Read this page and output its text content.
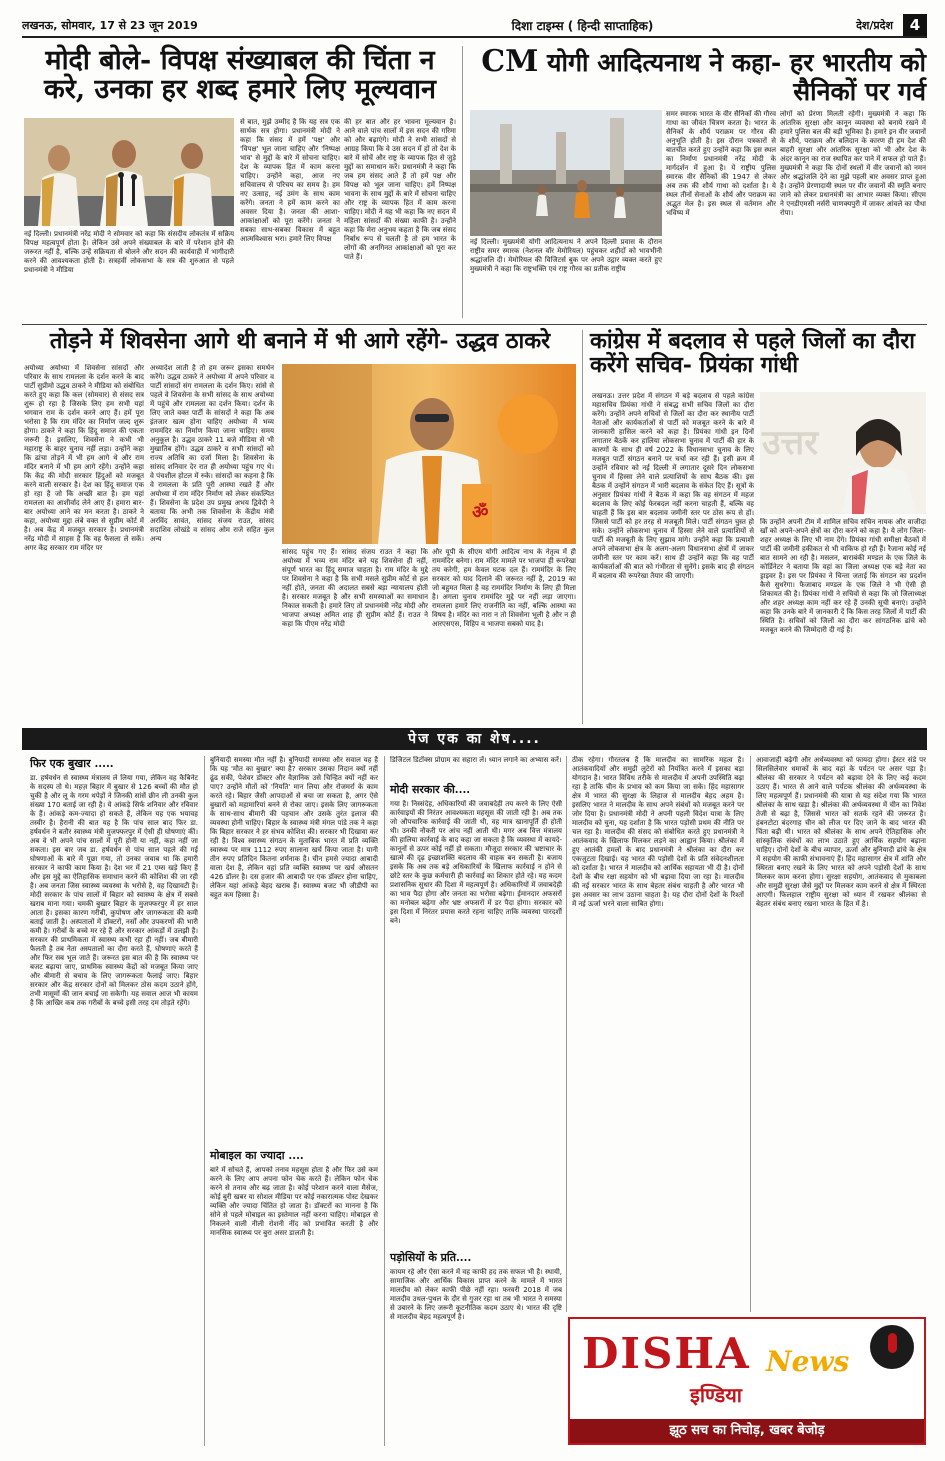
लखनऊ, सोमवार, 17 से 23 जून 2019	दिशा टाइम्स ( हिन्दी साप्ताहिक)	देश/प्रदेश	4
मोदी बोले- विपक्ष संख्याबल की चिंता न करे, उनका हर शब्द हमारे लिए मूल्यवान
नई दिल्ली। प्रधानमंत्री नरेंद्र मोदी ने सोमवार को कहा कि संसदीय लोकतंत्र में सक्रिय विपक्ष महत्वपूर्ण होता है। लेकिन उसे अपने संख्याबल के बारे में परेशान होने की जरूरत नहीं है, बल्कि उन्हें सक्रियता से बोलने और सदन की कार्यवाही में भागीदारी करने की आवश्यकता होती है। सत्रहवीं लोकसभा के सत्र की शुरुआत से पहले प्रधानमंत्री ने मीडिया
से बात, मुझे उम्मीद है कि यह सत्र एक सार्थक सत्र होगा। प्रधानमंत्री मोदी ने कहा कि संसद में हमें 'पक्ष' और 'विपक्ष' भूल जाना चाहिए और 'निष्पक्ष भाव' से मुद्दों के बारे में सोचना चाहिए। देश के व्यापक हित में काम करना चाहिए। उन्होंने कहा, आज नए सचिवालय से परिचय का समय है। हम नए उत्साह, नई उमंग के साथ काम करेंगे। जनता ने हमें काम करने का अवसर दिया है। जनता की आशा-आकांक्षाओं को पूरा करेंगे। जनता ने सबका साथ-सबका विकास में बहुत आत्मविश्वास भरा। हमारे लिए विपक्ष
की हर बात और हर भावना मूल्यवान है। आने वाले पांच सालों में इस सदन की गरिमा को और बढ़ाएंगे। मोदी ने सभी सांसदों से आग्रह किया कि वे उस सदन में हों तो देश के बारे में सोचें और राष्ट्र के व्यापक हित से जुड़े मुद्दों का समाधान करें। प्रधानमंत्री ने कहा कि जब हम संसद आते हैं तो हमें पक्ष और विपक्ष को भूल जाना चाहिए। हमें निष्पक्ष भावना के साथ मुद्दों के बारे में सोचना चाहिए और राष्ट्र के व्यापक हित में काम करना चाहिए। मोदी ने यह भी कहा कि नए सदन में महिला सांसदों की संख्या काफी है। उन्होंने कहा कि मेरा अनुभव कहता है कि जब संसद निर्बाध रूप से चलती है तो हम भारत के लोगों की अनगिनत आकांक्षाओं को पूरा कर पाते हैं।
CM योगी आदित्यनाथ ने कहा- हर भारतीय को सैनिकों पर गर्व
नई दिल्ली। मुख्यमंत्री योगी आदित्यनाथ ने अपने दिल्ली प्रवास के दौरान राष्ट्रीय समर स्मारक (नेशनल वॉर मेमोरियल) पहुंचकर शहीदों को भावभीनी श्रद्धांजलि दी। मेमोरियल की विजिटर्स बुक पर अपने उद्गार व्यक्त करते हुए मुख्यमंत्री ने कहा कि राष्ट्रभक्ति एवं राष्ट्र गौरव का प्रतीक राष्ट्रीय
समर स्मारक भारत के वीर सैनिकों की गौरव गाथा का जीवंत चित्रण करता है। भारत के सैनिकों के शौर्य पराक्रम पर गौरव की अनुभूति होती है। इस दौरान पत्रकारों से बातचीत करते हुए उन्होंने कहा कि इस स्थल का निर्माण प्रधानमंत्री नरेंद्र मोदी के मार्गदर्शन में हुआ है। ये राष्ट्रीय पुलिस स्मारक वीर सैनिकों की 1947 से लेकर अब तक की शौर्य गाथा को दर्शाता है। ये स्थल तीनों सेनाओं के शौर्य और पराक्रम का अद्भुत मेल है। इस स्थल से वर्तमान और भविष्य में
लोगों को प्रेरणा मिलती रहेगी। मुख्यमंत्री ने कहा कि आंतरिक सुरक्षा और कानून व्यवस्था को बनाये रखने में हमारे पुलिस बल की बड़ी भूमिका है। हमारे इन वीर जवानों के शौर्य, पराक्रम और बलिदान के कारण ही हम देश की बाहरी सुरक्षा और आंतरिक सुरक्षा को भी और देश के अंदर कानून का राज स्थापित कर पाने में सफल हो पाते हैं। मुख्यमंत्री ने कहा कि दोनों स्थलों में वीर जवानों को नमन और श्रद्धांजलि देने का मुझे पहली बार अवसर प्राप्त हुआ है। उन्होंने प्रेरणादायी स्थल पर वीर जवानों की स्मृति बनाए जाने को लेकर प्रधानमंत्री का आभार व्यक्त किया। सीएम ने एनडीएमसी नर्सरी चाणक्यपुरी में जाकर आंवले का पौधा रोपा।
तोड़ने में शिवसेना आगे थी बनाने में भी आगे रहेंगे- उद्धव ठाकरे
अयोध्या अयोध्या में शिवसेना सांसदों और परिवार के साथ रामलला के दर्शन करने के बाद पार्टी सुप्रीमो उद्धव ठाकरे ने मीडिया को संबोधित करते हुए कहा कि कल (सोमवार) से संसद सत्र शुरू हो रहा है जिसके लिए हम सभी यहां भगवान राम के दर्शन करने आए हैं। हमें पूरा भरोसा है कि राम मंदिर का निर्माण जल्द शुरू होगा। ठाकरे ने कहा कि हिंदू समाज की एकता जरूरी है। इसलिए, शिवसेना ने कभी भी महाराष्ट्र के बाहर चुनाव नहीं लड़ा। उन्होंने कहा कि ढांचा तोड़ने में भी हम आगे थे और राम मंदिर बनाने में भी हम आगे रहेंगे। उन्होंने कहा कि केंद्र की मोदी सरकार हिंदुओं को मजबूत करने वाली सरकार है। देश का हिंदू समाज एक हो रहा है जो कि अच्छी बात है। हम यहां रामलला का आशीर्वाद लेने आए हैं। हमारा बार-बार अयोध्या आने का मन करता है। ठाकरे ने कहा, अयोध्या मुद्दा लंबे वक्त से सुप्रीम कोर्ट में है। अब केंद्र में मजबूत सरकार है। प्रधानमंत्री नरेंद्र मोदी में साहस है कि वह फैसला ले सकें। अगर केंद्र सरकार राम मंदिर पर
अध्यादेश लाती है तो हम जरूर इसका समर्थन करेंगे। उद्धव ठाकरे ने अयोध्या में अपने परिवार व पार्टी सांसदों संग रामलला के दर्शन किए। सांसे से पहले वे शिवसेना के सभी सांसद के साथ अयोध्या में पहुंचे और रामलला का दर्शन किया। दर्शन के लिए जाते वक्त पार्टी के सांसदों ने कहा कि अब इंतजार खत्म होना चाहिए अयोध्या में भव्य राममंदिर का निर्माण किया जाना चाहिए। समय अनुकूल है। उद्धव ठाकरे 11 बजे मीडिया से भी मुखातिब होंगे। उद्धव ठाकरे व सभी सांसदों को राज्य अतिथि का दर्जा मिला है। शिवसेना के सांसद शनिवार देर रात ही अयोध्या पहुंच गए थे। वे पंचशील होटल में रुके। सांसदों का कहना है कि वे रामलला के प्रति पूरी आस्था रखते हैं और अयोध्या में राम मंदिर निर्माण को लेकर संकल्पित हैं। शिवसेना के प्रदेश उप प्रमुख अभय द्विवेदी ने बताया कि अभी तक शिवसेना के केंद्रीय मंत्री अरविंद सावंत, सांसद संजय राउत, सांसद सदाशिव लोखंडे व सांसद ओम राजे सहित कुल अन्य
ॐ
सांसद पहुंच गए हैं। सांसद संजय राउत ने कहा कि अयोध्या में भव्य राम मंदिर बने यह शिवसेना ही नहीं, संपूर्ण भारत का हिंदू समाज चाहता है। राम मंदिर के मुद्दे पर शिवसेना ने कहा है कि सभी मसले सुप्रीम कोर्ट से हल नहीं होते, जनता की अदालत सबसे बड़ा न्यायालय होती है। सरकार मजबूत है और सभी समस्याओं का समाधान निकाल सकती है। हमारे लिए तो प्रधानमंत्री नरेंद्र मोदी और भाजपा अध्यक्ष अमित शाह ही सुप्रीम कोर्ट हैं। राउत ने कहा कि पीएम नरेंद्र मोदी
और यूपी के सीएम योगी आदित्य नाथ के नेतृत्व में ही राममंदिर बनेगा। राम मंदिर मामले पर भाजपा ही रूपरेखा तय करेगी, हम केवल घटक दल हैं। राममंदिर के लिए सरकार को याद दिलाने की जरूरत नहीं है, 2019 का जो बहुमत मिला है वह राममंदिर निर्माण के लिए ही मिला है। अगला चुनाव राममंदिर मुद्दे पर नहीं लड़ा जाएगा। रामलला हमारे लिए राजनीति का नहीं, बल्कि आस्था का विषय है। मंदिर का नारा न तो शिवसेना भूली है और न ही आरएसएस, विहिप व भाजपा सबको याद है।
कांग्रेस में बदलाव से पहले जिलों का दौरा करेंगे सचिव- प्रियंका गांधी
लखनऊ। उत्तर प्रदेश में संगठन में बड़े बदलाव से पहले कांग्रेस महासचिव प्रियंका गांधी ने संबद्ध सभी सचिव जिलों का दौरा करेंगे। उन्होंने अपने सचिवों से जिलों का दौरा कर स्थानीय पार्टी नेताओं और कार्यकर्ताओं से पार्टी को मजबूत करने के बारे में जानकारी हासिल करने को कहा है। प्रियंका गांधी इन दिनों लगातार बैठकें कर हालिया लोकसभा चुनाव में पार्टी की हार के कारणों के साथ ही वर्ष 2022 के विधानसभा चुनाव के लिए मजबूत पार्टी संगठन बनाने पर चर्चा कर रही हैं। इसी क्रम में उन्होंने रविवार को नई दिल्ली में लगातार दूसरे दिन लोकसभा चुनाव में हिस्सा लेने वाले प्रत्याशियों के साथ बैठक की। इस बैठक में उन्होंने संगठन में भारी बदलाव के संकेत दिए हैं। सूत्रों के अनुसार प्रियंका गांधी ने बैठक में कहा कि वह संगठन में महज बदलाव के लिए कोई फेरबदल नहीं करना चाहती हैं, बल्कि वह चाहती हैं कि इस बार बदलाव जमीनी स्तर पर ठोस रूप से हों। जिससे पार्टी को हर तरह से मजबूती मिले। पार्टी संगठन चुस्त हो सके। उन्होंने लोकसभा चुनाव में हिस्सा लेने वाले प्रत्याशियों से पार्टी की मजबूती के लिए सुझाव मांगे। उन्होंने कहा कि प्रत्याशी अपने लोकसभा क्षेत्र के अलग-अलग विधानसभा क्षेत्रों में जाकर जमीनी स्तर पर काम करें। साथ ही उन्होंने कहा कि वह पार्टी कार्यकर्ताओं की बात को गंभीरता से सुनेंगे। इसके बाद ही संगठन में बदलाव की रूपरेखा तैयार की जाएगी।
उत्तर
कि उन्होंने अपनी टीम में शामिल सचिव सचिन नायक और वाजीदा खाँ को अपने-अपने क्षेत्रों का दौरा करने को कहा है। ये लोग जिला-शहर अध्यक्ष के लिए भी नाम देंगे। प्रियंका गांधी समीक्षा बैठकों में पार्टी की जमीनी हकीकत से भी वाकिफ हो रही हैं। रैजाना कोई नई बात सामने आ रही है। मसलन, बाराबंकी मण्डल के एक जिले के कोर्डिनेटर ने बताया कि वहां का जिला अध्यक्ष एक बड़े नेता का ड्राइवर है। इस पर प्रियंका ने चिन्ता जताई कि संगठन का प्रदर्शन कैसे सुधरेगा। फैजाबाद मण्डल के एक जिले ने भी ऐसी ही शिकायत की है। प्रियंका गांधी ने सचिवों से कहा कि जो जिलाध्यक्ष और शहर अध्यक्ष काम नहीं कर रहे हैं उनकी सूची बनाएं। उन्होंने कहा कि उनके बारे में जानकारी दें कि किस तरह जिलों में पार्टी की स्थिति है। सचिवों को जिलों का दौरा कर सांगठनिक ढांचे को मजबूत करने की जिम्मेदारी दी गई है।
पेज एक का शेष....
फिर एक बुखार .....
डा. हर्षवर्धन से स्वास्थ्य मंत्रालय ले लिया गया, लेकिन वह कैबिनेट के सदस्य तो थे। महज़ बिहार में बुखार से 126 बच्चों की मौत हो चुकी है और लू के गरम थपेड़ों ने जिनकी सांसें छीन ली उनकी कुल संख्या 170 बताई जा रही है। ये आंकड़े सिर्फ शनिवार और रविवार के हैं। आंकड़े कम-ज्यादा हो सकते हैं, लेकिन यह एक भयावह तस्वीर है। हैरानी की बात यह है कि पांच साल बाद फिर डा. हर्षवर्धन ने बतौर स्वास्थ्य मंत्री मुजफ्फरपुर में ऐसी ही घोषणाएं कीं। अब वे भी अपने पांच सालों में पूरी होनी या नहीं, कहा नहीं जा सकता। इस बार जब डा. हर्षवर्धन से पांच साल पहले की गई घोषणाओं के बारे में पूछा गया, तो उनका जवाब था कि हमारी सरकार ने काफी काम किया है। देश भर में 21 एम्स खड़े किए हैं और इस मुद्दे का ऐतिहासिक समाधान करने की कोशिश की जा रही है। अब जनता जिस स्वास्थ्य व्यवस्था के भरोसे है, वह दिखावटी है। मोदी सरकार के पांच सालों में बिहार को स्वास्थ्य के क्षेत्र में सबसे खराब माना गया। चमकी बुखार बिहार के मुजफ्फरपुर में हर साल आता है। इसका कारण गरीबी, कुपोषण और जागरूकता की कमी बताई जाती है। अस्पतालों में डॉक्टरों, नर्सों और उपकरणों की भारी कमी है। गरीबों के बच्चे मर रहे हैं और सरकार आंकड़ों में उलझी है। सरकार की प्राथमिकता में स्वास्थ्य कभी रहा ही नहीं। जब बीमारी फैलती है तब नेता अस्पतालों का दौरा करते हैं, घोषणाएं करते हैं और फिर सब भूल जाते हैं। जरूरत इस बात की है कि स्वास्थ्य पर बजट बढ़ाया जाए, प्राथमिक स्वास्थ्य केंद्रों को मजबूत किया जाए और बीमारी से बचाव के लिए जागरूकता फैलाई जाए। बिहार सरकार और केंद्र सरकार दोनों को मिलकर ठोस कदम उठाने होंगे, तभी मासूमों की जान बचाई जा सकेगी। यह सवाल आज भी कायम है कि आखिर कब तक गरीबों के बच्चे इसी तरह दम तोड़ते रहेंगे।
बुनियादी समस्या मौत नहीं है। बुनियादी समस्या और सवाल यह है कि यह 'मौत का बुखार' क्या है? सरकार उसका निदान क्यों नहीं ढूंढ सकी, पेशेवर डॉक्टर और वैज्ञानिक उसे चिन्हित क्यों नहीं कर पाए? उन्होंने मौतों को 'नियति' मान लिया और रोजमर्रा के काम करते रहे। बिहार जैसी आपदाओं से बचा जा सकता है, अगर ऐसे बुखारों को महामारियां बनने से रोका जाए। इसके लिए जागरूकता के साथ-साथ बीमारी की पहचान और उसके तुरंत इलाज की व्यवस्था होनी चाहिए। बिहार के स्वास्थ्य मंत्री मंगल पांडे तक ने कहा कि बिहार सरकार ने हर संभव कोशिश की। सरकार भी दिखावा कर रही है। विश्व स्वास्थ्य संगठन के मुताबिक भारत में प्रति व्यक्ति स्वास्थ्य पर मात्र 1112 रुपए सालाना खर्च किया जाता है। यानी तीन रुपए प्रतिदिन कितना शर्मनाक है। चीन हमसे ज्यादा आबादी वाला देश है, लेकिन वहां प्रति व्यक्ति स्वास्थ्य पर खर्च औसतन 426 डॉलर है। दस हजार की आबादी पर एक डॉक्टर होना चाहिए, लेकिन यहां आंकड़े बेहद खराब हैं। स्वास्थ्य बजट भी जीडीपी का बहुत कम हिस्सा है।
मोबाइल का ज्यादा ....
बारे में सोचते हैं, आपको तनाव महसूस होता है और फिर उसे कम करने के लिए आप अपना फोन चेक करते हैं। लेकिन फोन चेक करने से तनाव और बढ़ जाता है। कोई परेशान करने वाला मैसेज, कोई बुरी खबर या सोशल मीडिया पर कोई नकारात्मक पोस्ट देखकर व्यक्ति और ज्यादा चिंतित हो जाता है। डॉक्टरों का मानना है कि सोने से पहले मोबाइल का इस्तेमाल नहीं करना चाहिए। मोबाइल से निकलने वाली नीली रोशनी नींद को प्रभावित करती है और मानसिक स्वास्थ्य पर बुरा असर डालती है।
डिजिटल डिटॉक्स प्रोग्राम का सहारा लें। ध्यान लगाने का अभ्यास करें।
मोदी सरकार की....
गया है। निस्संदेह, अधिकारियों की जवाबदेही तय करने के लिए ऐसी कार्रवाइयों की निरंतर आवश्यकता महसूस की जाती रही है। अब तक जो औपचारिक कार्रवाई की जाती थी, वह मात्र खानापूर्ति ही होती थी। उनकी नौकरी पर आंच नहीं आती थी। मगर अब वित्त मंत्रालय की हालिया कार्रवाई के बाद कहा जा सकता है कि व्यवस्था में कायदे-कानूनों से ऊपर कोई नहीं हो सकता। मौजूदा सरकार की भ्रष्टाचार के खात्मे की दृढ़ इच्छाशक्ति बदलाव की वाहक बन सकती है। बजाय इसके कि अब तक बड़े अधिकारियों के खिलाफ कार्रवाई न होने से छोटे स्तर के कुछ कर्मचारी ही कार्रवाई का शिकार होते रहे। यह कदम प्रशासनिक सुधार की दिशा में महत्वपूर्ण है। अधिकारियों में जवाबदेही का भाव पैदा होगा और जनता का भरोसा बढ़ेगा। ईमानदार अफसरों का मनोबल बढ़ेगा और भ्रष्ट अफसरों में डर पैदा होगा। सरकार को इस दिशा में निरंतर प्रयास करते रहना चाहिए ताकि व्यवस्था पारदर्शी बने।
पड़ोसियों के प्रति....
कायम रहे और ऐसा करने में वह काफी हद तक सफल भी है। स्थायी, सामाजिक और आर्थिक विकास प्राप्त करने के मामले में भारत मालदीव को लेकर काफी पीछे नहीं रहा। फरवरी 2018 में जब मालदीव उथल-पुथल के दौर से गुजर रहा था तब भी भारत ने समस्या से उबारने के लिए जरूरी कूटनीतिक कदम उठाए थे। भारत की दृष्टि से मालदीव बेहद महत्वपूर्ण है।
ठीक रहेगा। गौरतलब है कि मालदीव का सामरिक महत्व है। आतंकवादियों और समुद्री लुटेरों को नियंत्रित करने में इसका बड़ा योगदान है। भारत विविध तरीके से मालदीव में अपनी उपस्थिति बढ़ा रहा है ताकि चीन के प्रभाव को कम किया जा सके। हिंद महासागर क्षेत्र में भारत की सुरक्षा के लिहाज से मालदीव बेहद अहम है। इसलिए भारत ने मालदीव के साथ अपने संबंधों को मजबूत करने पर जोर दिया है। प्रधानमंत्री मोदी ने अपनी पहली विदेश यात्रा के लिए मालदीव को चुना, यह दर्शाता है कि भारत पड़ोसी प्रथम की नीति पर चल रहा है। मालदीव की संसद को संबोधित करते हुए प्रधानमंत्री ने आतंकवाद के खिलाफ मिलकर लड़ने का आह्वान किया। श्रीलंका में हुए आतंकी हमलों के बाद प्रधानमंत्री ने श्रीलंका का दौरा कर एकजुटता दिखाई। यह भारत की पड़ोसी देशों के प्रति संवेदनशीलता को दर्शाता है। भारत ने मालदीव को आर्थिक सहायता भी दी है। दोनों देशों के बीच रक्षा सहयोग को भी बढ़ावा दिया जा रहा है। मालदीव की नई सरकार भारत के साथ बेहतर संबंध चाहती है और भारत भी इस अवसर का लाभ उठाना चाहता है। यह दौरा दोनों देशों के रिश्तों में नई ऊर्जा भरने वाला साबित होगा।
आवाजाही बढ़ेगी और अर्थव्यवस्था को फायदा होगा। ईस्टर संडे पर सिलसिलेवार धमाकों के बाद वहां के पर्यटन पर असर पड़ा है। श्रीलंका की सरकार ने पर्यटन को बढ़ावा देने के लिए कई कदम उठाए हैं। भारत से आने वाले पर्यटक श्रीलंका की अर्थव्यवस्था के लिए महत्वपूर्ण हैं। प्रधानमंत्री की यात्रा से यह संदेश गया कि भारत श्रीलंका के साथ खड़ा है। श्रीलंका की अर्थव्यवस्था में चीन का निवेश तेजी से बढ़ा है, जिससे भारत को सतर्क रहने की जरूरत है। हंबनटोटा बंदरगाह चीन को लीज पर दिए जाने के बाद भारत की चिंता बढ़ी थी। भारत को श्रीलंका के साथ अपने ऐतिहासिक और सांस्कृतिक संबंधों का लाभ उठाते हुए आर्थिक सहयोग बढ़ाना चाहिए। दोनों देशों के बीच व्यापार, ऊर्जा और बुनियादी ढांचे के क्षेत्र में सहयोग की काफी संभावनाएं हैं। हिंद महासागर क्षेत्र में शांति और स्थिरता बनाए रखने के लिए भारत को अपने पड़ोसी देशों के साथ मिलकर काम करना होगा। सुरक्षा सहयोग, आतंकवाद से मुकाबला और समुद्री सुरक्षा जैसे मुद्दों पर मिलकर काम करने से क्षेत्र में स्थिरता आएगी। फिलहाल राष्ट्रीय सुरक्षा को ध्यान में रखकर श्रीलंका से बेहतर संबंध बनाए रखना भारत के हित में है।
DISHA News
इण्डिया
झूठ सच का निचोड़, खबर बेजोड़
